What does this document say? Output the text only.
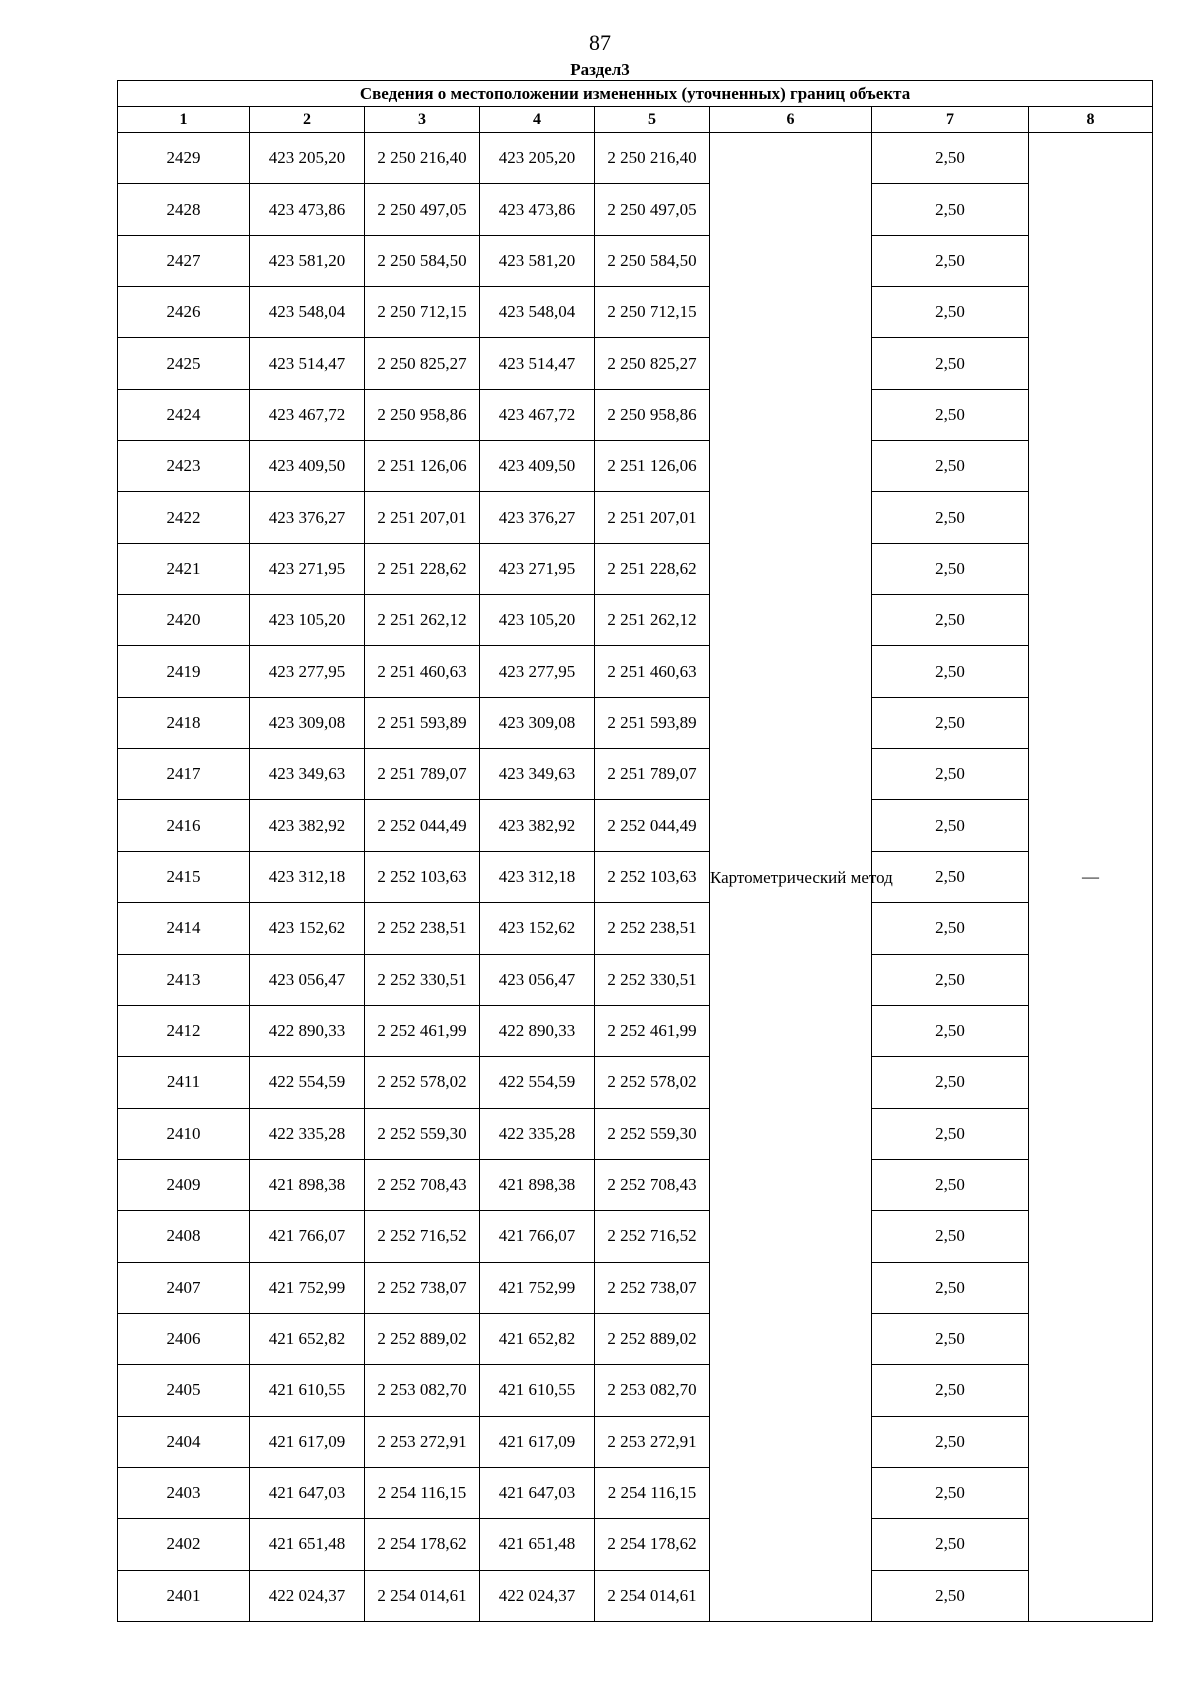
87
Раздел3
Сведения о местоположении измененных (уточненных) границ объекта							
1	2	3	4	5	6	7	8
2429	423 205,20	2 250 216,40	423 205,20	2 250 216,40	Картометрический метод	2,50	—
2428	423 473,86	2 250 497,05	423 473,86	2 250 497,05		2,50	
2427	423 581,20	2 250 584,50	423 581,20	2 250 584,50		2,50	
2426	423 548,04	2 250 712,15	423 548,04	2 250 712,15		2,50	
2425	423 514,47	2 250 825,27	423 514,47	2 250 825,27		2,50	
2424	423 467,72	2 250 958,86	423 467,72	2 250 958,86		2,50	
2423	423 409,50	2 251 126,06	423 409,50	2 251 126,06		2,50	
2422	423 376,27	2 251 207,01	423 376,27	2 251 207,01		2,50	
2421	423 271,95	2 251 228,62	423 271,95	2 251 228,62		2,50	
2420	423 105,20	2 251 262,12	423 105,20	2 251 262,12		2,50	
2419	423 277,95	2 251 460,63	423 277,95	2 251 460,63		2,50	
2418	423 309,08	2 251 593,89	423 309,08	2 251 593,89		2,50	
2417	423 349,63	2 251 789,07	423 349,63	2 251 789,07		2,50	
2416	423 382,92	2 252 044,49	423 382,92	2 252 044,49		2,50	
2415	423 312,18	2 252 103,63	423 312,18	2 252 103,63		2,50	
2414	423 152,62	2 252 238,51	423 152,62	2 252 238,51		2,50	
2413	423 056,47	2 252 330,51	423 056,47	2 252 330,51		2,50	
2412	422 890,33	2 252 461,99	422 890,33	2 252 461,99		2,50	
2411	422 554,59	2 252 578,02	422 554,59	2 252 578,02		2,50	
2410	422 335,28	2 252 559,30	422 335,28	2 252 559,30		2,50	
2409	421 898,38	2 252 708,43	421 898,38	2 252 708,43		2,50	
2408	421 766,07	2 252 716,52	421 766,07	2 252 716,52		2,50	
2407	421 752,99	2 252 738,07	421 752,99	2 252 738,07		2,50	
2406	421 652,82	2 252 889,02	421 652,82	2 252 889,02		2,50	
2405	421 610,55	2 253 082,70	421 610,55	2 253 082,70		2,50	
2404	421 617,09	2 253 272,91	421 617,09	2 253 272,91		2,50	
2403	421 647,03	2 254 116,15	421 647,03	2 254 116,15		2,50	
2402	421 651,48	2 254 178,62	421 651,48	2 254 178,62		2,50	
2401	422 024,37	2 254 014,61	422 024,37	2 254 014,61		2,50	
